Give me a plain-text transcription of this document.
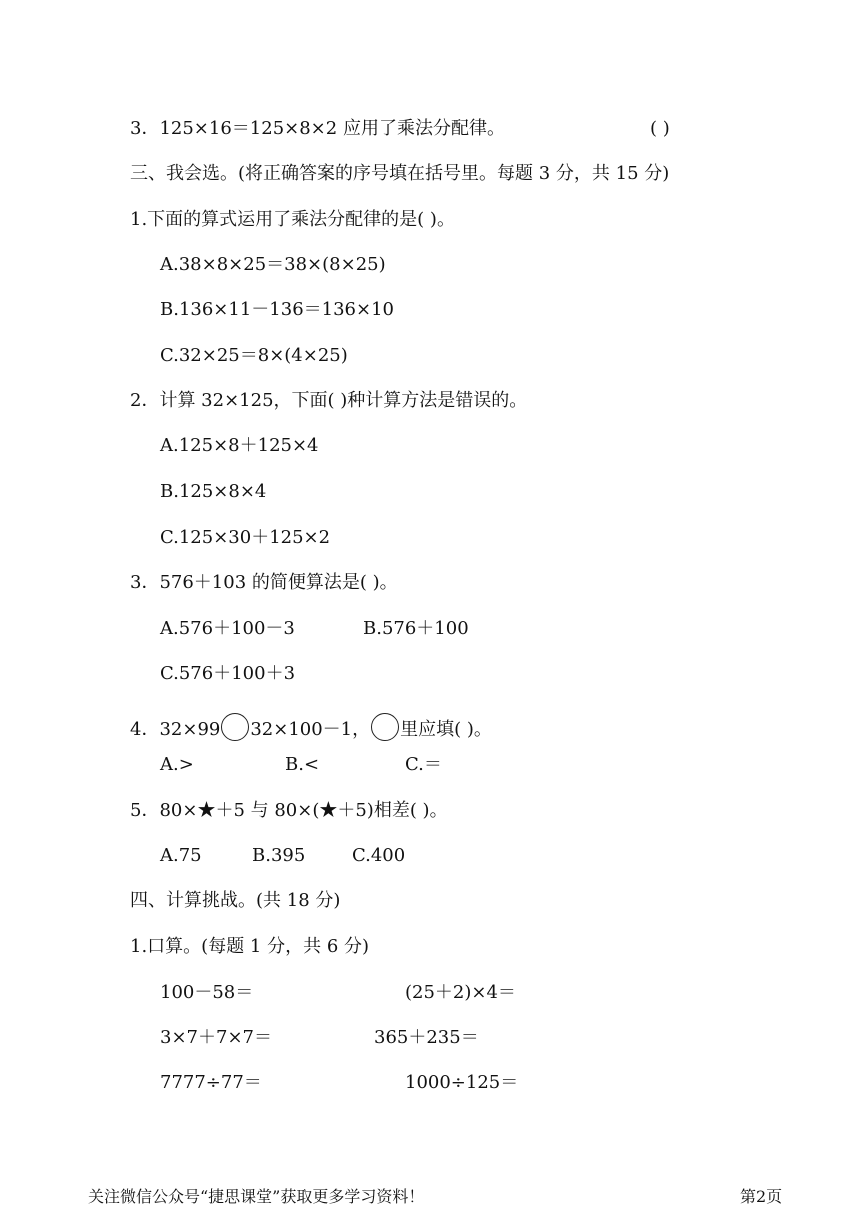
3．125×16＝125×8×2 应用了乘法分配律。	( )
三、我会选。(将正确答案的序号填在括号里。每题 3 分，共 15 分)
1.下面的算式运用了乘法分配律的是( )。
A.38×8×25＝38×(8×25)
B.136×11－136＝136×10
C.32×25＝8×(4×25)
2．计算 32×125，下面( )种计算方法是错误的。
A.125×8＋125×4
B.125×8×4
C.125×30＋125×2
3．576＋103 的简便算法是( )。
A.576＋100－3	B.576＋100
C.576＋100＋3
4．32×99 32×100－1， 里应填( )。
A.>	B.<	C.＝
5．80×★＋5 与 80×(★＋5)相差( )。
A.75	B.395	C.400
四、计算挑战。(共 18 分)
1.口算。(每题 1 分，共 6 分)
100－58＝	(25＋2)×4＝
3×7＋7×7＝	365＋235＝
7777÷77＝	1000÷125＝
关注微信公众号“捷思课堂”获取更多学习资料！	第2页
